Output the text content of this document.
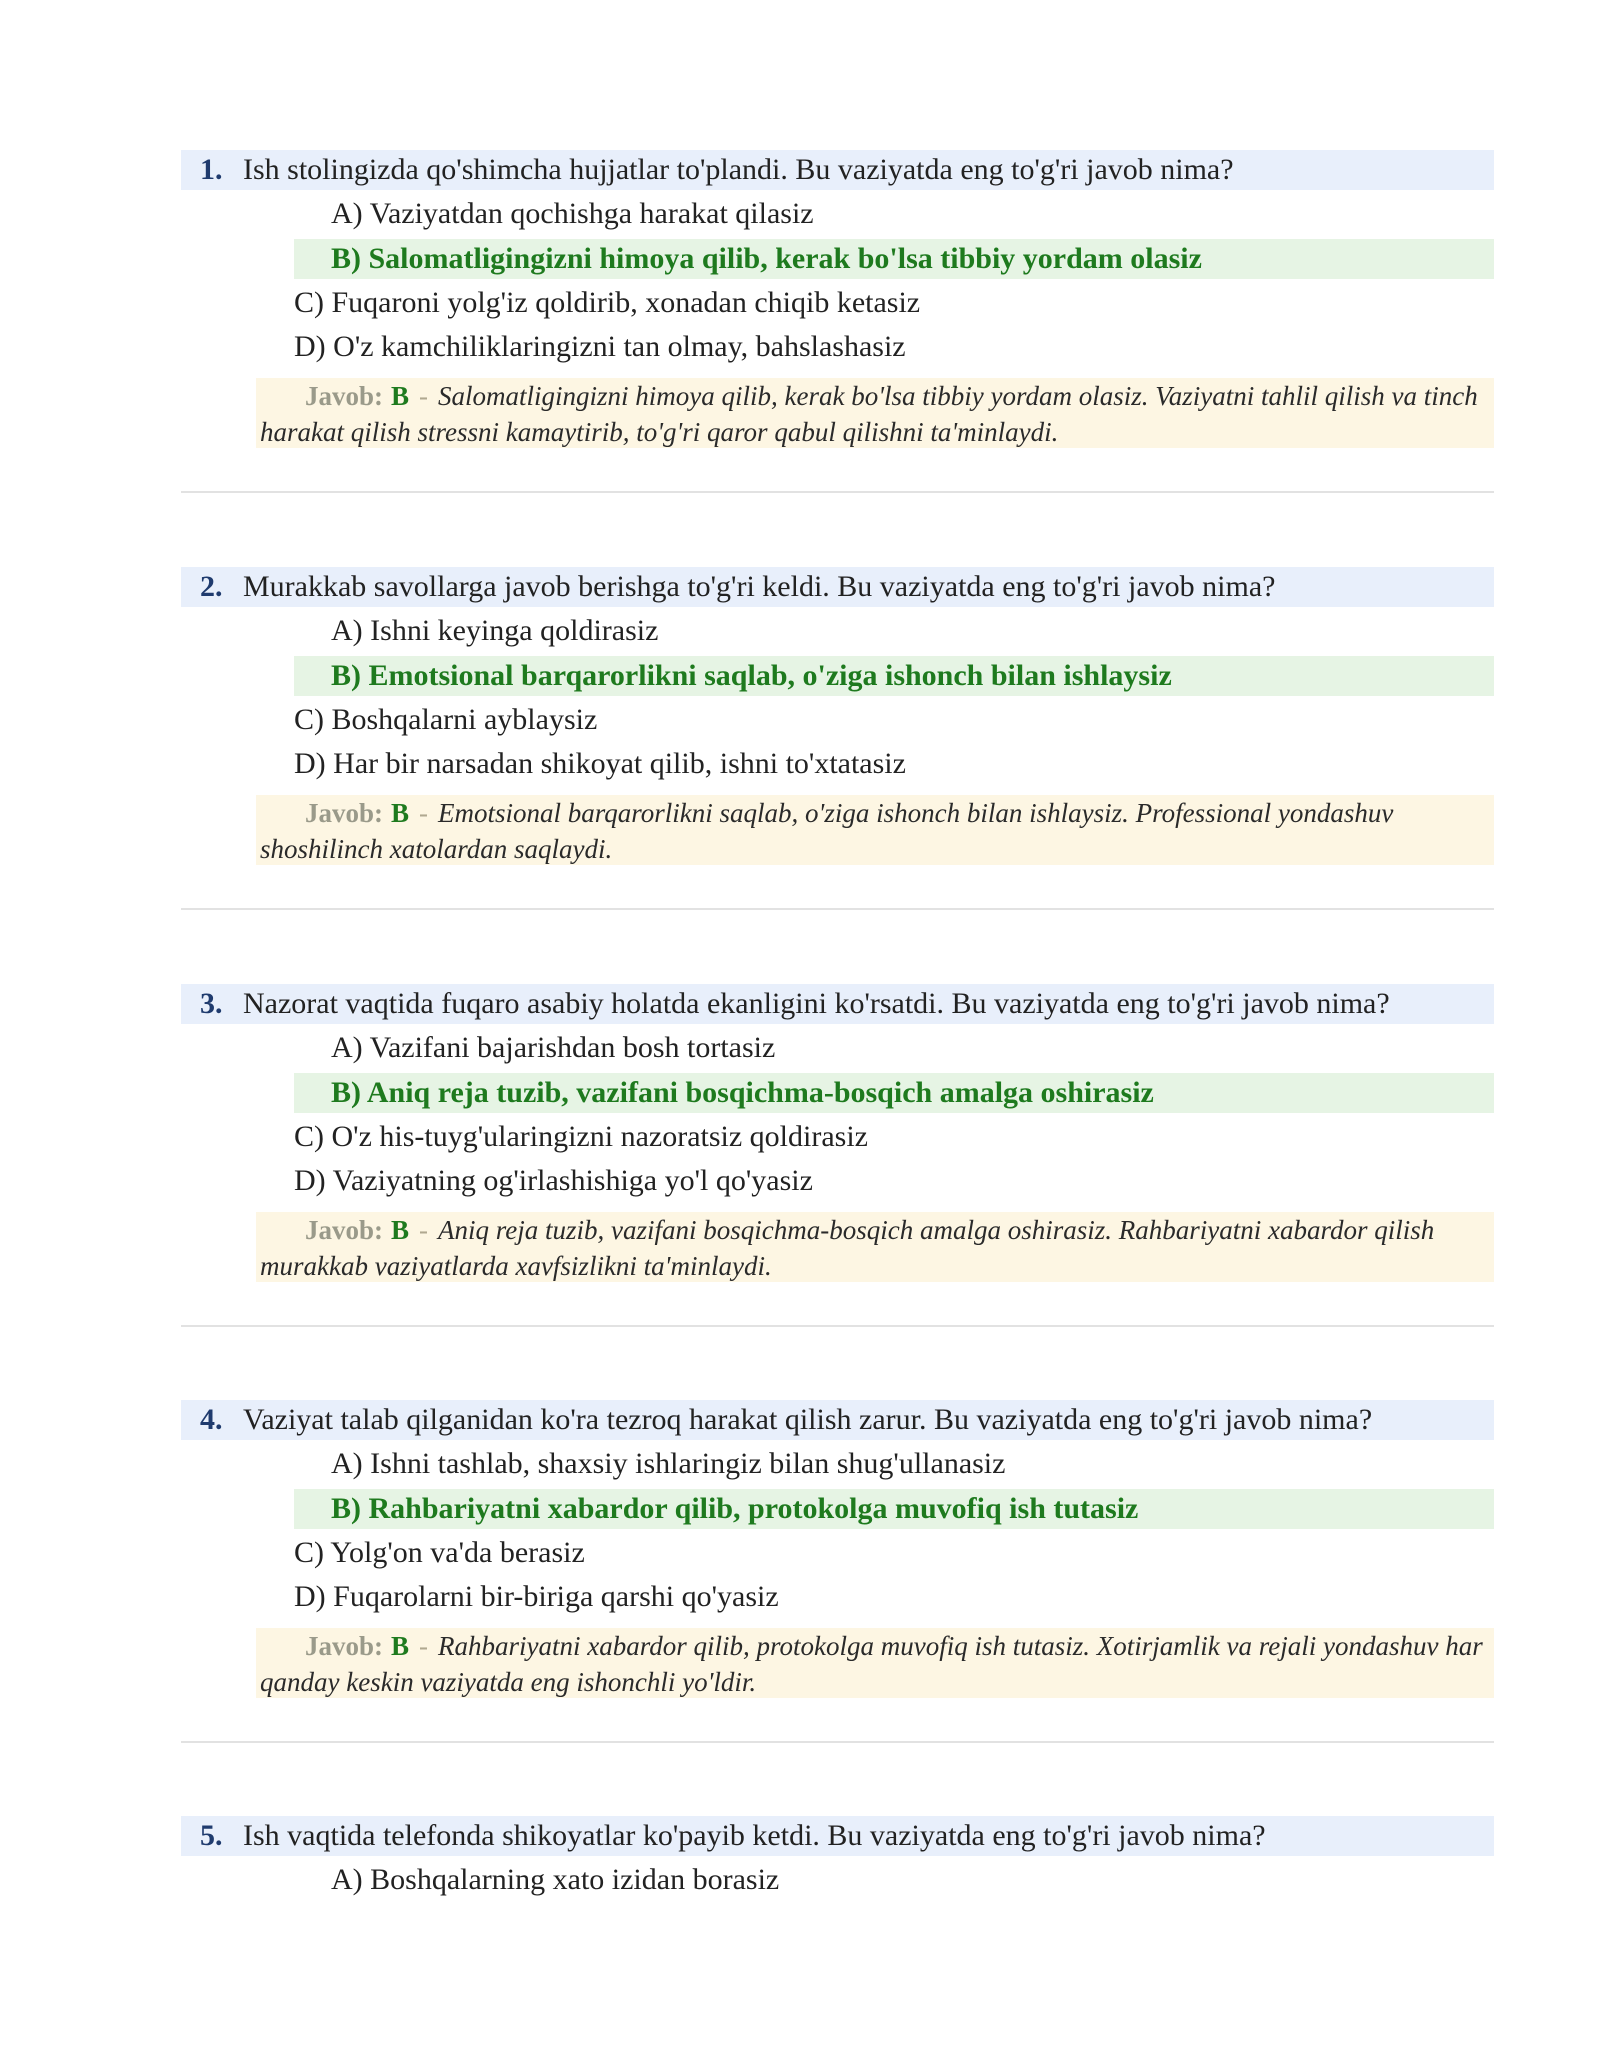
1. Ish stolingizda qo'shimcha hujjatlar to'plandi. Bu vaziyatda eng to'g'ri javob nima?
A) Vaziyatdan qochishga harakat qilasiz
B) Salomatligingizni himoya qilib, kerak bo'lsa tibbiy yordam olasiz
C) Fuqaroni yolg'iz qoldirib, xonadan chiqib ketasiz
D) O'z kamchiliklaringizni tan olmay, bahslashasiz
Javob: B - Salomatligingizni himoya qilib, kerak bo'lsa tibbiy yordam olasiz. Vaziyatni tahlil qilish va tinch harakat qilish stressni kamaytirib, to'g'ri qaror qabul qilishni ta'minlaydi.
2. Murakkab savollarga javob berishga to'g'ri keldi. Bu vaziyatda eng to'g'ri javob nima?
A) Ishni keyinga qoldirasiz
B) Emotsional barqarorlikni saqlab, o'ziga ishonch bilan ishlaysiz
C) Boshqalarni ayblaysiz
D) Har bir narsadan shikoyat qilib, ishni to'xtatasiz
Javob: B - Emotsional barqarorlikni saqlab, o'ziga ishonch bilan ishlaysiz. Professional yondashuv shoshilinch xatolardan saqlaydi.
3. Nazorat vaqtida fuqaro asabiy holatda ekanligini ko'rsatdi. Bu vaziyatda eng to'g'ri javob nima?
A) Vazifani bajarishdan bosh tortasiz
B) Aniq reja tuzib, vazifani bosqichma-bosqich amalga oshirasiz
C) O'z his-tuyg'ularingizni nazoratsiz qoldirasiz
D) Vaziyatning og'irlashishiga yo'l qo'yasiz
Javob: B - Aniq reja tuzib, vazifani bosqichma-bosqich amalga oshirasiz. Rahbariyatni xabardor qilish murakkab vaziyatlarda xavfsizlikni ta'minlaydi.
4. Vaziyat talab qilganidan ko'ra tezroq harakat qilish zarur. Bu vaziyatda eng to'g'ri javob nima?
A) Ishni tashlab, shaxsiy ishlaringiz bilan shug'ullanasiz
B) Rahbariyatni xabardor qilib, protokolga muvofiq ish tutasiz
C) Yolg'on va'da berasiz
D) Fuqarolarni bir-biriga qarshi qo'yasiz
Javob: B - Rahbariyatni xabardor qilib, protokolga muvofiq ish tutasiz. Xotirjamlik va rejali yondashuv har qanday keskin vaziyatda eng ishonchli yo'ldir.
5. Ish vaqtida telefonda shikoyatlar ko'payib ketdi. Bu vaziyatda eng to'g'ri javob nima?
A) Boshqalarning xato izidan borasiz
